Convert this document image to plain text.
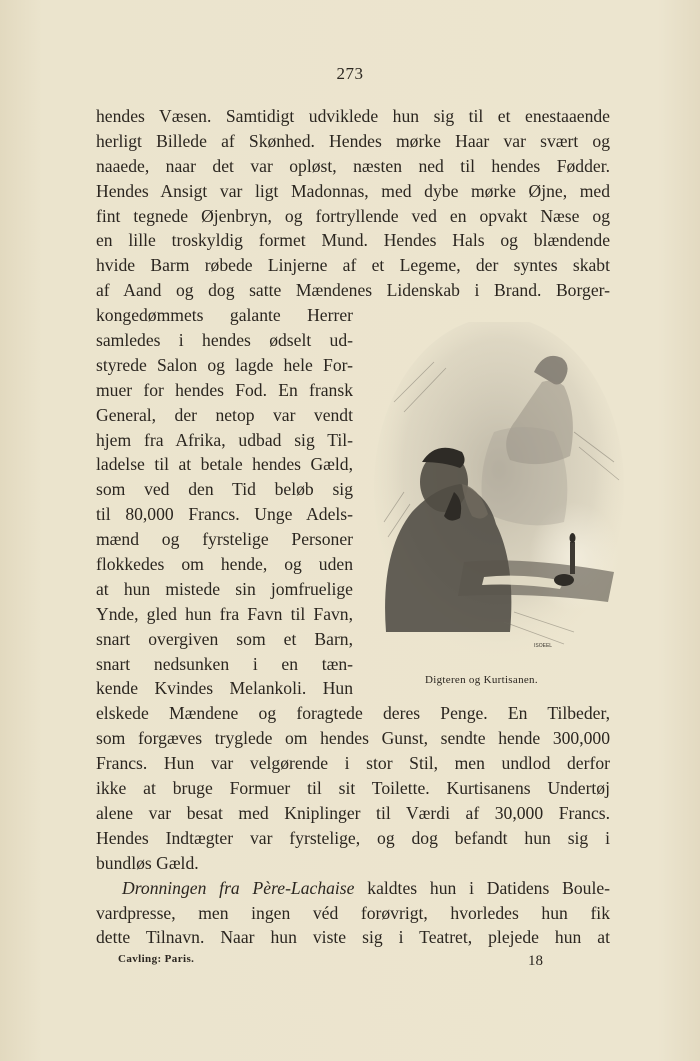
273
hendes Væsen. Samtidigt udviklede hun sig til et enestaaende
herligt Billede af Skønhed. Hendes mørke Haar var svært og
naaede, naar det var opløst, næsten ned til hendes Fødder.
Hendes Ansigt var ligt Madonnas, med dybe mørke Øjne, med
fint tegnede Øjenbryn, og fortryllende ved en opvakt Næse og
en lille troskyldig formet Mund. Hendes Hals og blændende
hvide Barm røbede Linjerne af et Legeme, der syntes skabt
af Aand og dog satte Mændenes Lidenskab i Brand. Borger-
kongedømmets galante Herrer
samledes i hendes ødselt ud-
styrede Salon og lagde hele For-
muer for hendes Fod. En fransk
General, der netop var vendt
hjem fra Afrika, udbad sig Til-
ladelse til at betale hendes Gæld,
som ved den Tid beløb sig
til 80,000 Francs. Unge Adels-
mænd og fyrstelige Personer
flokkedes om hende, og uden
at hun mistede sin jomfruelige
Ynde, gled hun fra Favn til Favn,
snart overgiven som et Barn,
snart nedsunken i en tæn-
kende Kvindes Melankoli. Hun
elskede Mændene og foragtede deres Penge. En Tilbeder,
som forgæves tryglede om hendes Gunst, sendte hende 300,000
Francs. Hun var velgørende i stor Stil, men undlod derfor
ikke at bruge Formuer til sit Toilette. Kurtisanens Undertøj
alene var besat med Kniplinger til Værdi af 30,000 Francs.
Hendes Indtægter var fyrstelige, og dog befandt hun sig i
bundløs Gæld.
Dronningen fra Père-Lachaise kaldtes hun i Datidens Boule-
vardpresse, men ingen véd forøvrigt, hvorledes hun fik
dette Tilnavn. Naar hun viste sig i Teatret, plejede hun at
ISOEEL
Digteren og Kurtisanen.
Cavling: Paris.	18
